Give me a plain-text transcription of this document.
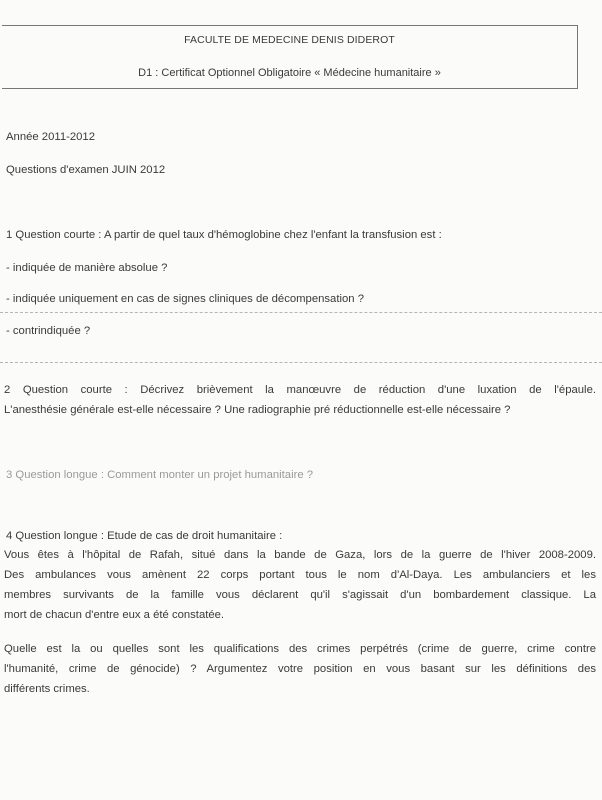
FACULTE DE MEDECINE DENIS DIDEROT
D1 : Certificat Optionnel Obligatoire « Médecine humanitaire »
Année 2011-2012
Questions d'examen JUIN 2012
1 Question courte : A partir de quel taux d'hémoglobine chez l'enfant la transfusion est :
- indiquée de manière absolue ?
- indiquée uniquement en cas de signes cliniques de décompensation ?
- contrindiquée ?
2 Question courte : Décrivez brièvement la manœuvre de réduction d'une luxation de l'épaule.
L'anesthésie générale est-elle nécessaire ? Une radiographie pré réductionnelle est-elle nécessaire ?
3 Question longue : Comment monter un projet humanitaire ?
4 Question longue : Etude de cas de droit humanitaire :
Vous êtes à l'hôpital de Rafah, situé dans la bande de Gaza, lors de la guerre de l'hiver 2008-2009.
Des ambulances vous amènent 22 corps portant tous le nom d'Al-Daya. Les ambulanciers et les
membres survivants de la famille vous déclarent qu'il s'agissait d'un bombardement classique. La
mort de chacun d'entre eux a été constatée.
Quelle est la ou quelles sont les qualifications des crimes perpétrés (crime de guerre, crime contre
l'humanité, crime de génocide) ? Argumentez votre position en vous basant sur les définitions des
différents crimes.
